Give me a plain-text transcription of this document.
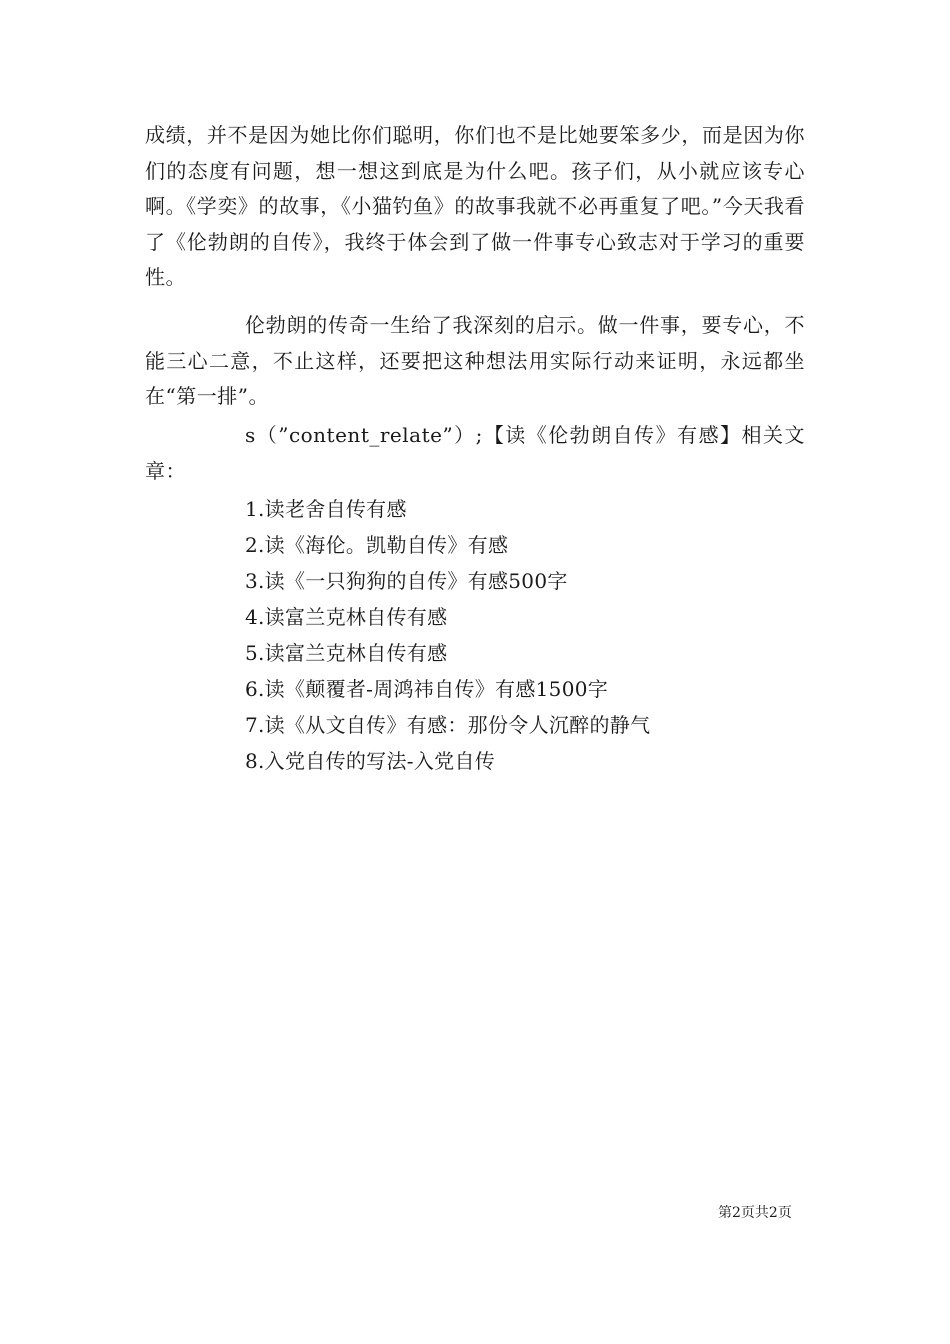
成绩，并不是因为她比你们聪明，你们也不是比她要笨多少，而是因为你们的态度有问题，想一想这到底是为什么吧。孩子们，从小就应该专心啊。《学奕》的故事，《小猫钓鱼》的故事我就不必再重复了吧。”今天我看了《伦勃朗的自传》，我终于体会到了做一件事专心致志对于学习的重要性。

伦勃朗的传奇一生给了我深刻的启示。做一件事，要专心，不能三心二意，不止这样，还要把这种想法用实际行动来证明，永远都坐在“第一排”。

s（”content_relate”）;【读《伦勃朗自传》有感】相关文章：

1.读老舍自传有感
2.读《海伦。凯勒自传》有感
3.读《一只狗狗的自传》有感500字
4.读富兰克林自传有感
5.读富兰克林自传有感
6.读《颠覆者-周鸿祎自传》有感1500字
7.读《从文自传》有感：那份令人沉醉的静气
8.入党自传的写法-入党自传
第2页共2页
